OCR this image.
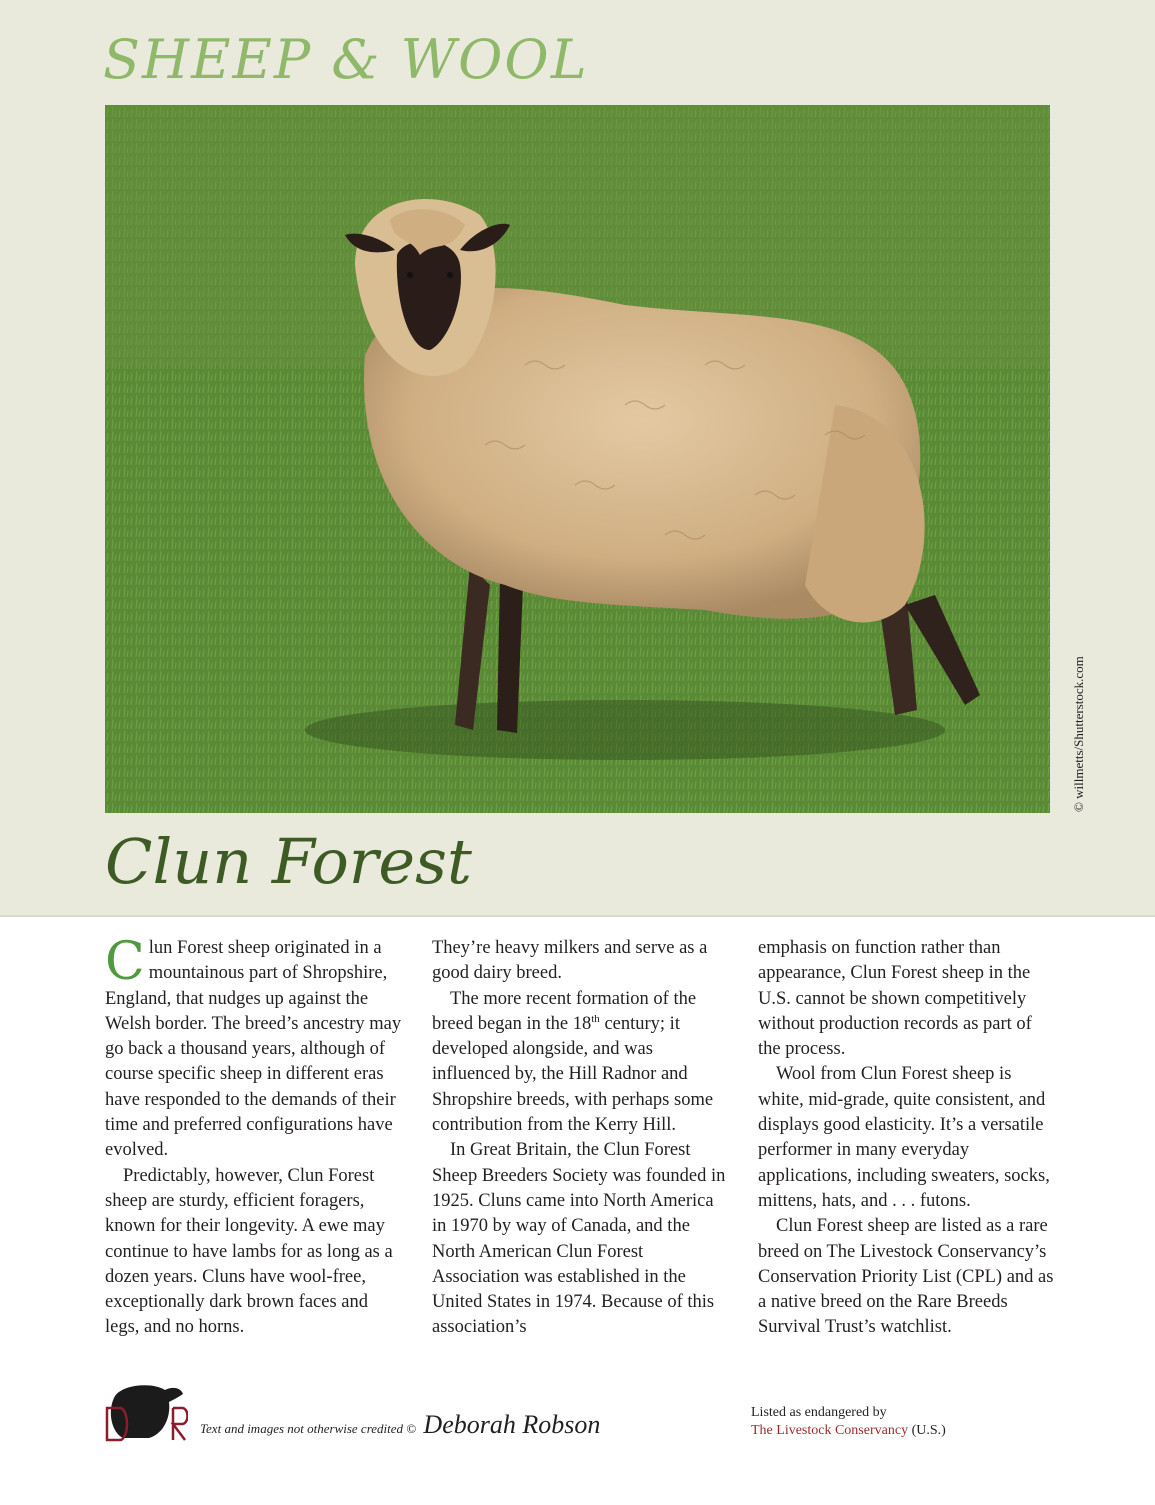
SHEEP & WOOL
© willmetts/Shutterstock.com
Clun Forest

Clun Forest sheep originated in a mountainous part of Shropshire, England, that nudges up against the Welsh border. The breed’s ancestry may go back a thousand years, although of course specific sheep in different eras have responded to the demands of their time and preferred configurations have evolved.

Predictably, however, Clun Forest sheep are sturdy, efficient foragers, known for their longevity. A ewe may continue to have lambs for as long as a dozen years. Cluns have wool-free, exceptionally dark brown faces and legs, and no horns.

They’re heavy milkers and serve as a good dairy breed.

The more recent formation of the breed began in the 18th century; it developed alongside, and was influenced by, the Hill Radnor and Shropshire breeds, with perhaps some contribution from the Kerry Hill.

In Great Britain, the Clun Forest Sheep Breeders Society was founded in 1925. Cluns came into North America in 1970 by way of Canada, and the North American Clun Forest Association was established in the United States in 1974. Because of this association’s

emphasis on function rather than appearance, Clun Forest sheep in the U.S. cannot be shown competitively without production records as part of the process.

Wool from Clun Forest sheep is white, mid-grade, quite consistent, and displays good elasticity. It’s a versatile performer in many everyday applications, including sweaters, socks, mittens, hats, and . . . futons.

Clun Forest sheep are listed as a rare breed on The Livestock Conservancy’s Conservation Priority List (CPL) and as a native breed on the Rare Breeds Survival Trust’s watchlist.

Text and images not otherwise credited © Deborah Robson	Listed as endangered by
The Livestock Conservancy (U.S.)
